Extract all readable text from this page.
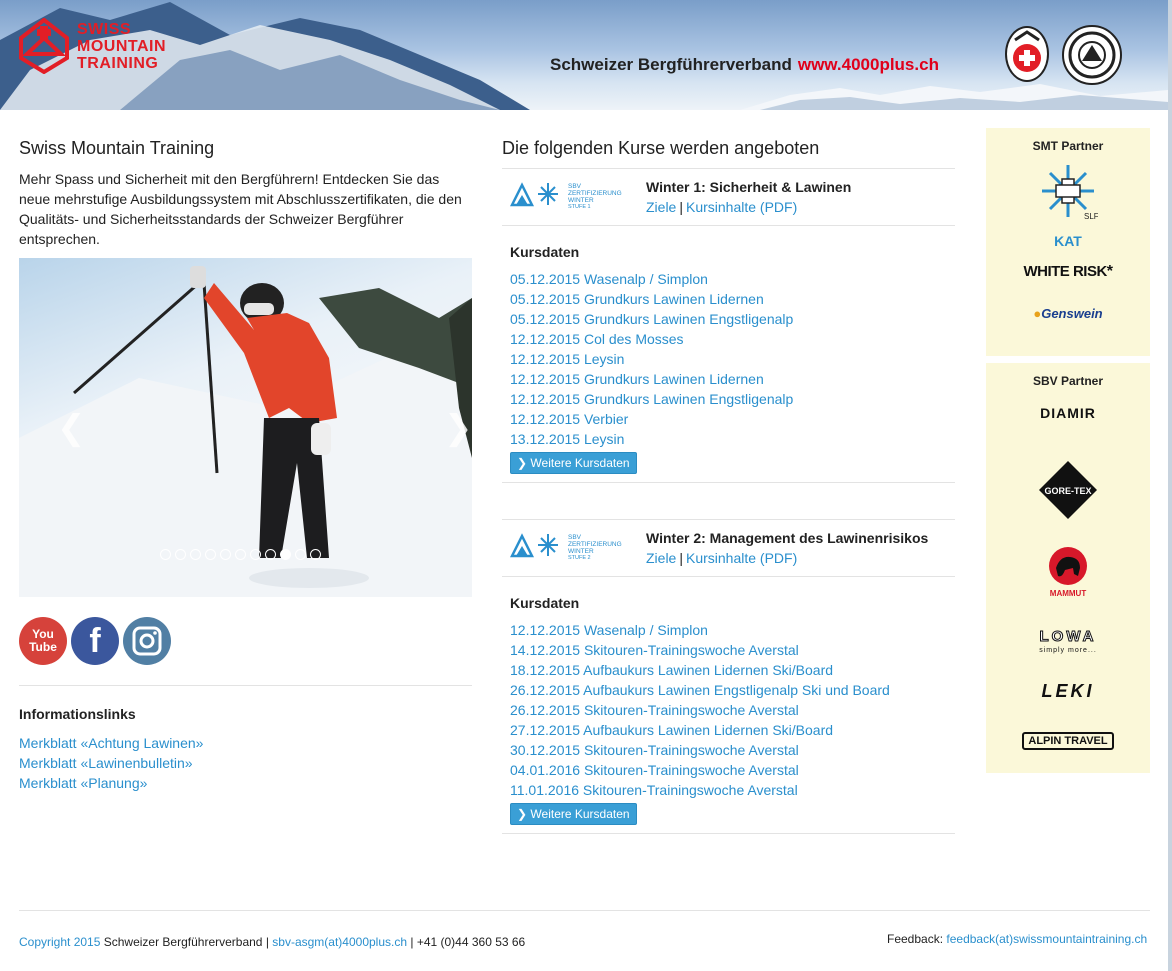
SWISS
MOUNTAIN
TRAINING	Schweizer Bergführerverband www.4000plus.ch
Swiss Mountain Training

Mehr Spass und Sicherheit mit den Bergführern! Entdecken Sie das neue mehrstufige Ausbildungssystem mit Abschlusszertifikaten, die den Qualitäts- und Sicherheitsstandards der Schweizer Bergführer entsprechen.

❮	❯
You
Tube f
Informationslinks
Merkblatt «Achtung Lawinen»
Merkblatt «Lawinenbulletin»
Merkblatt «Planung»
Die folgenden Kurse werden angeboten
SBV
ZERTIFIZIERUNG
WINTER
STUFE 1
Winter 1: Sicherheit & Lawinen
Ziele | Kursinhalte (PDF)
Kursdaten
05.12.2015 Wasenalp / Simplon
05.12.2015 Grundkurs Lawinen Lidernen
05.12.2015 Grundkurs Lawinen Engstligenalp
12.12.2015 Col des Mosses
12.12.2015 Leysin
12.12.2015 Grundkurs Lawinen Lidernen
12.12.2015 Grundkurs Lawinen Engstligenalp
12.12.2015 Verbier
13.12.2015 Leysin
❯︎ Weitere Kursdaten
SBV
ZERTIFIZIERUNG
WINTER
STUFE 2
Winter 2: Management des Lawinenrisikos
Ziele | Kursinhalte (PDF)
Kursdaten
12.12.2015 Wasenalp / Simplon
14.12.2015 Skitouren-Trainingswoche Averstal
18.12.2015 Aufbaukurs Lawinen Lidernen Ski/Board
26.12.2015 Aufbaukurs Lawinen Engstligenalp Ski und Board
26.12.2015 Skitouren-Trainingswoche Averstal
27.12.2015 Aufbaukurs Lawinen Lidernen Ski/Board
30.12.2015 Skitouren-Trainingswoche Averstal
04.01.2016 Skitouren-Trainingswoche Averstal
11.01.2016 Skitouren-Trainingswoche Averstal
❯︎ Weitere Kursdaten
SMT Partner
SLF
KAT
WHITE RISK*
●Genswein
SBV Partner
DIAMIR
GORE-TEX
MAMMUT
LOWA
simply more...
LEKI
ALPIN TRAVEL
Copyright 2015 Schweizer Bergführerverband | sbv-asgm(at)4000plus.ch | +41 (0)44 360 53 66	Feedback: feedback(at)swissmountaintraining.ch
